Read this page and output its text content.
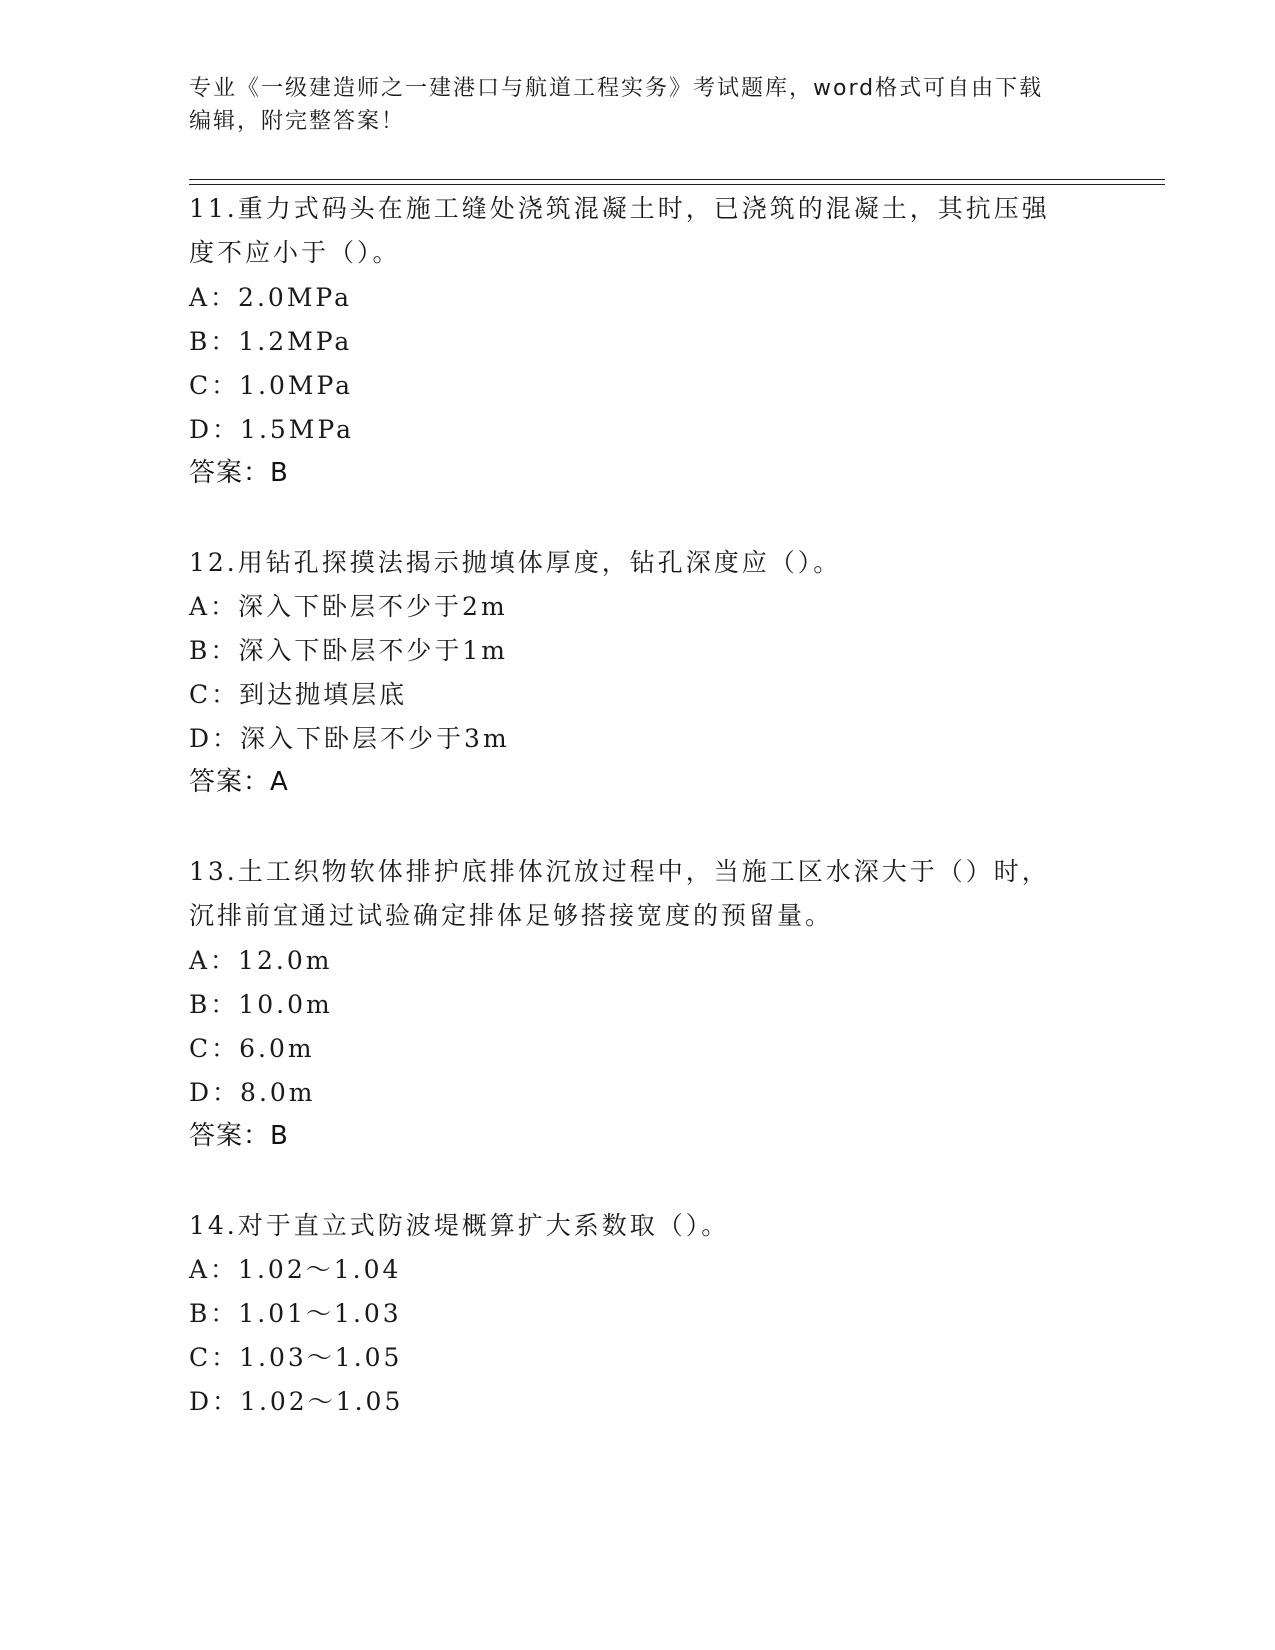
专业《一级建造师之一建港口与航道工程实务》考试题库，word格式可自由下载
编辑，附完整答案！
11.重力式码头在施工缝处浇筑混凝土时，已浇筑的混凝土，其抗压强
度不应小于（）。
A：2.0MPa
B：1.2MPa
C：1.0MPa
D：1.5MPa
答案：B
12.用钻孔探摸法揭示抛填体厚度，钻孔深度应（）。
A：深入下卧层不少于2m
B：深入下卧层不少于1m
C：到达抛填层底
D：深入下卧层不少于3m
答案：A
13.土工织物软体排护底排体沉放过程中，当施工区水深大于（）时，
沉排前宜通过试验确定排体足够搭接宽度的预留量。
A：12.0m
B：10.0m
C：6.0m
D：8.0m
答案：B
14.对于直立式防波堤概算扩大系数取（）。
A：1.02～1.04
B：1.01～1.03
C：1.03～1.05
D：1.02～1.05
